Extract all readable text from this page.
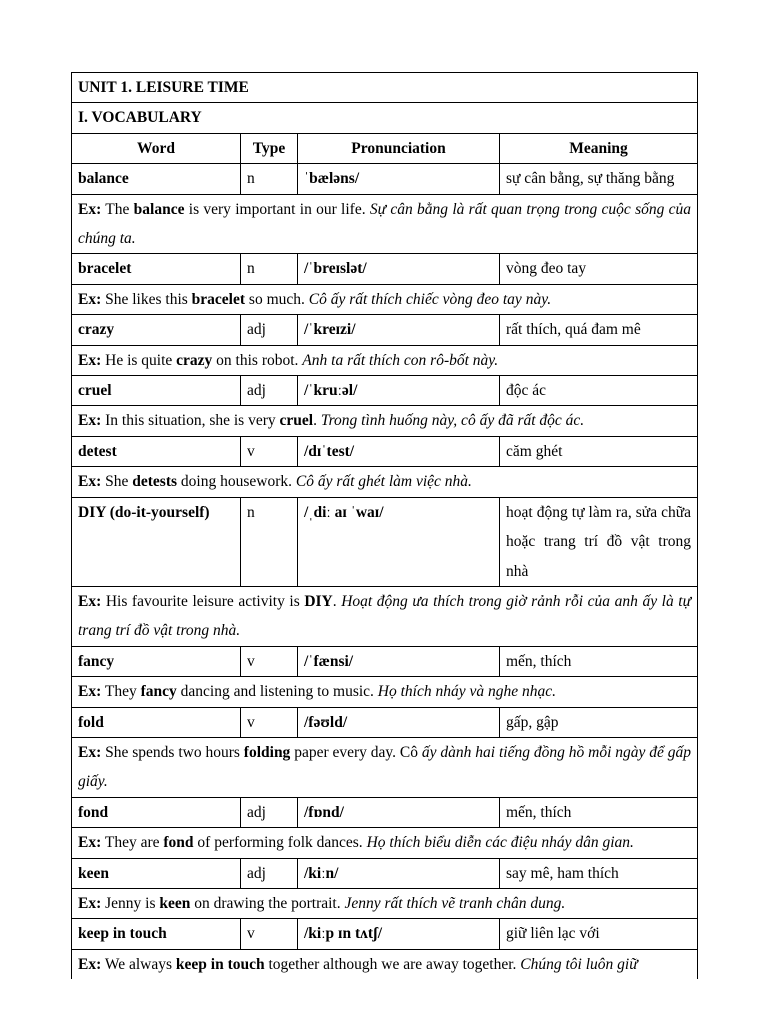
UNIT 1. LEISURE TIME			
I. VOCABULARY			
Word	Type	Pronunciation	Meaning
balance	n	ˈbæləns/	sự cân bằng, sự thăng bằng
Ex: The balance is very important in our life. Sự cân bằng là rất quan trọng trong cuộc sống của chúng ta.			
bracelet	n	/ˈbreɪslət/	vòng đeo tay
Ex: She likes this bracelet so much. Cô ấy rất thích chiếc vòng đeo tay này.			
crazy	adj	/ˈkreɪzi/	rất thích, quá đam mê
Ex: He is quite crazy on this robot. Anh ta rất thích con rô-bốt này.			
cruel	adj	/ˈkruːəl/	độc ác
Ex: In this situation, she is very cruel. Trong tình huống này, cô ấy đã rất độc ác.			
detest	v	/dɪˈtest/	căm ghét
Ex: She detests doing housework. Cô ấy rất ghét làm việc nhà.			
DIY (do-it-yourself)	n	/ˌdiː aɪ ˈwaɪ/	hoạt động tự làm ra, sửa chữa hoặc trang trí đồ vật trong nhà
Ex: His favourite leisure activity is DIY. Hoạt động ưa thích trong giờ rảnh rỗi của anh ấy là tự trang trí đồ vật trong nhà.			
fancy	v	/ˈfænsi/	mến, thích
Ex: They fancy dancing and listening to music. Họ thích nháy và nghe nhạc.			
fold	v	/fəʊld/	gấp, gập
Ex: She spends two hours folding paper every day. Cô ấy dành hai tiếng đồng hồ mỗi ngày để gấp giấy.			
fond	adj	/fɒnd/	mến, thích
Ex: They are fond of performing folk dances. Họ thích biểu diễn các điệu nháy dân gian.			
keen	adj	/kiːn/	say mê, ham thích
Ex: Jenny is keen on drawing the portrait. Jenny rất thích vẽ tranh chân dung.			
keep in touch	v	/kiːp ɪn tʌtʃ/	giữ liên lạc với
Ex: We always keep in touch together although we are away together. Chúng tôi luôn giữ			
